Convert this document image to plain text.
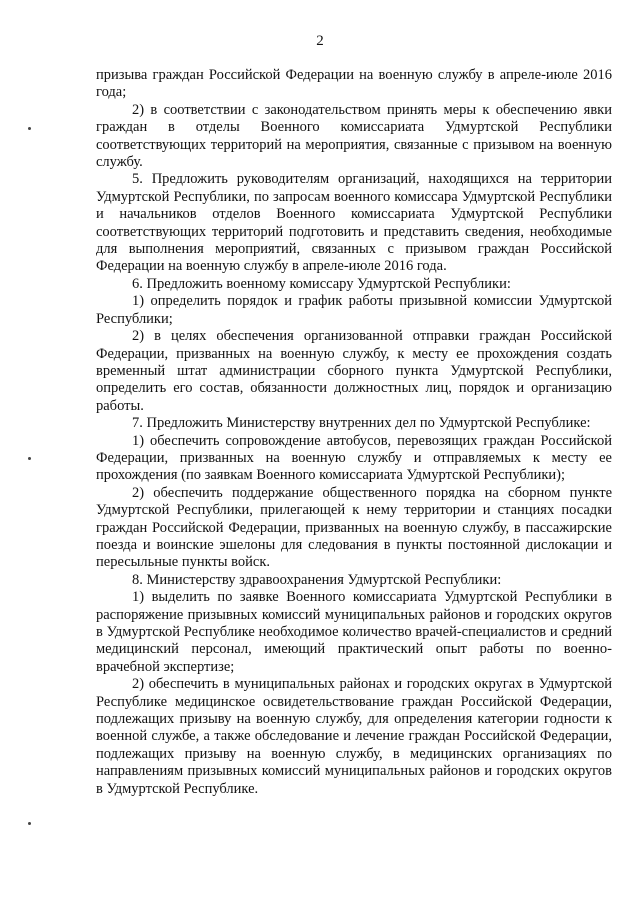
2

призыва граждан Российской Федерации на военную службу в апреле-июле 2016 года;

2) в соответствии с законодательством принять меры к обеспечению явки граждан в отделы Военного комиссариата Удмуртской Республики соответствующих территорий на мероприятия, связанные с призывом на военную службу.

5. Предложить руководителям организаций, находящихся на территории Удмуртской Республики, по запросам военного комиссара Удмуртской Республики и начальников отделов Военного комиссариата Удмуртской Республики соответствующих территорий подготовить и представить сведения, необходимые для выполнения мероприятий, связанных с призывом граждан Российской Федерации на военную службу в апреле-июле 2016 года.

6. Предложить военному комиссару Удмуртской Республики:

1) определить порядок и график работы призывной комиссии Удмуртской Республики;

2) в целях обеспечения организованной отправки граждан Российской Федерации, призванных на военную службу, к месту ее прохождения создать временный штат администрации сборного пункта Удмуртской Республики, определить его состав, обязанности должностных лиц, порядок и организацию работы.

7. Предложить Министерству внутренних дел по Удмуртской Республике:

1) обеспечить сопровождение автобусов, перевозящих граждан Российской Федерации, призванных на военную службу и отправляемых к месту ее прохождения (по заявкам Военного комиссариата Удмуртской Республики);

2) обеспечить поддержание общественного порядка на сборном пункте Удмуртской Республики, прилегающей к нему территории и станциях посадки граждан Российской Федерации, призванных на военную службу, в пассажирские поезда и воинские эшелоны для следования в пункты постоянной дислокации и пересыльные пункты войск.

8. Министерству здравоохранения Удмуртской Республики:

1) выделить по заявке Военного комиссариата Удмуртской Республики в распоряжение призывных комиссий муниципальных районов и городских округов в Удмуртской Республике необходимое количество врачей-специалистов и средний медицинский персонал, имеющий практический опыт работы по военно-врачебной экспертизе;

2) обеспечить в муниципальных районах и городских округах в Удмуртской Республике медицинское освидетельствование граждан Российской Федерации, подлежащих призыву на военную службу, для определения категории годности к военной службе, а также обследование и лечение граждан Российской Федерации, подлежащих призыву на военную службу, в медицинских организациях по направлениям призывных комиссий муниципальных районов и городских округов в Удмуртской Республике.
